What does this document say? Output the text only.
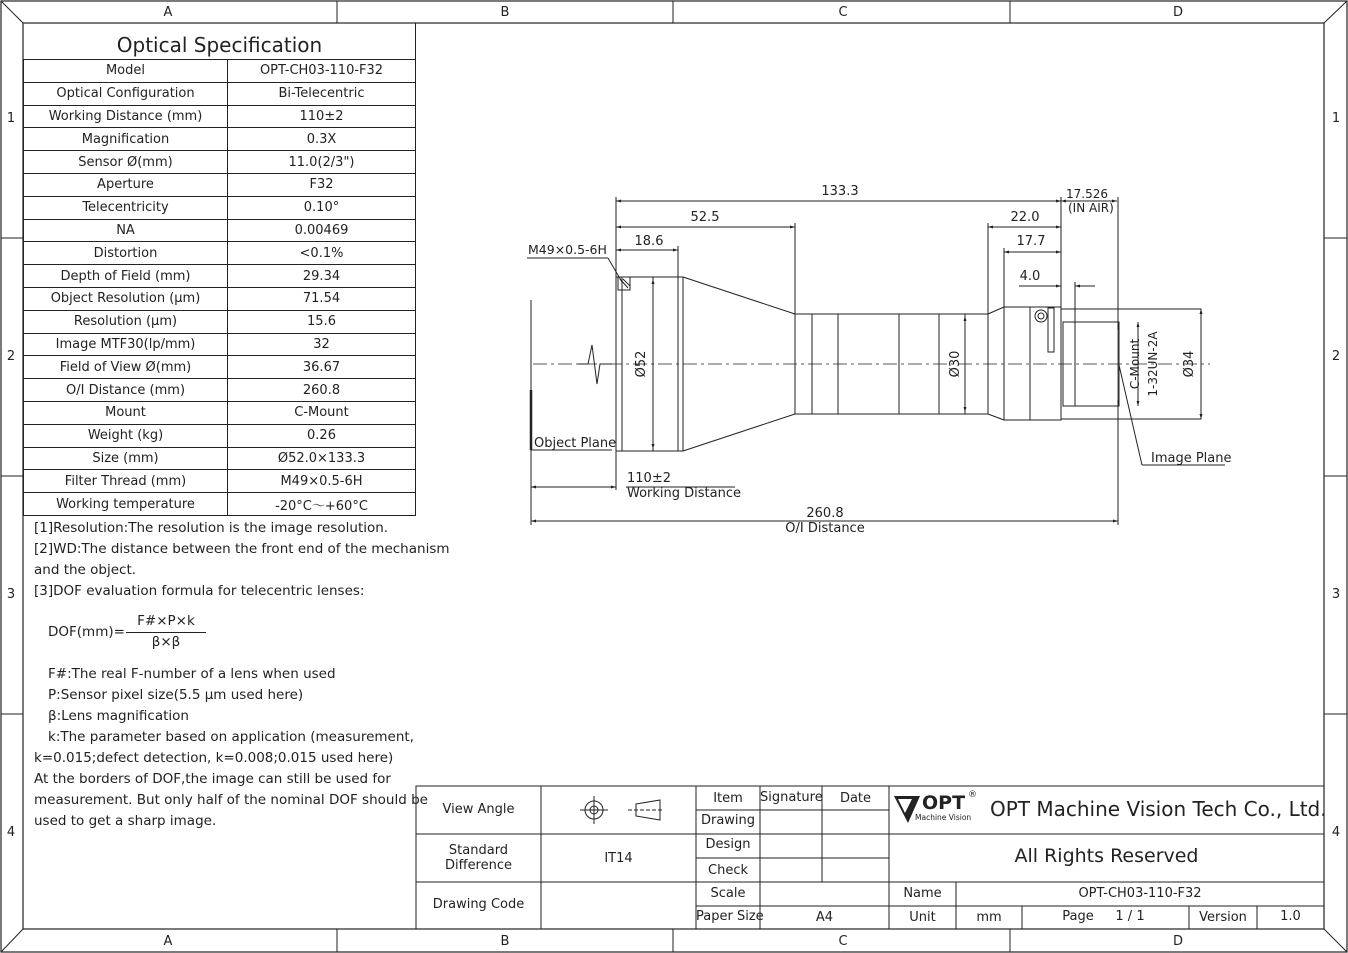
A	B	C	D
A	B	C	D
1
2
3
4
1
2
3
4
Optical Specification
Model	OPT-CH03-110-F32
Optical Configuration	Bi-Telecentric
Working Distance (mm)	110±2
Magnification	0.3X
Sensor Ø(mm)	11.0(2/3")
Aperture	F32
Telecentricity	0.10°
NA	0.00469
Distortion	<0.1%
Depth of Field (mm)	29.34
Object Resolution (μm)	71.54
Resolution (μm)	15.6
Image MTF30(lp/mm)	32
Field of View Ø(mm)	36.67
O/I Distance (mm)	260.8
Mount	C-Mount
Weight (kg)	0.26
Size (mm)	Ø52.0×133.3
Filter Thread (mm)	M49×0.5-6H
Working temperature	-20°C～+60°C
[1]Resolution:The resolution is the image resolution.
[2]WD:The distance between the front end of the mechanism
and the object.
[3]DOF evaluation formula for telecentric lenses:
DOF(mm)=
F#×P×k
β×β
F#:The real F-number of a lens when used
P:Sensor pixel size(5.5 μm used here)
β:Lens magnification
k:The parameter based on application (measurement,
k=0.015;defect detection, k=0.008;0.015 used here)
At the borders of DOF,the image can still be used for
measurement. But only half of the nominal DOF should be
used to get a sharp image.
133.3	17.526
(IN AIR)
52.5	22.0
18.6	17.7
4.0
M49×0.5-6H
Ø52	Ø30	Ø34
C-Mount 1-32UN-2A
Object Plane
Image Plane
110±2
Working Distance
260.8
O/I Distance
View Angle
Standard
Difference	IT14
Drawing Code
Item	Signature	Date
Drawing
Design
Check
Scale
Paper Size	A4
OPT ®
Machine Vision OPT Machine Vision Tech Co., Ltd.
All Rights Reserved
Name	OPT-CH03-110-F32
Unit	mm	Page	1 / 1	Version	1.0
